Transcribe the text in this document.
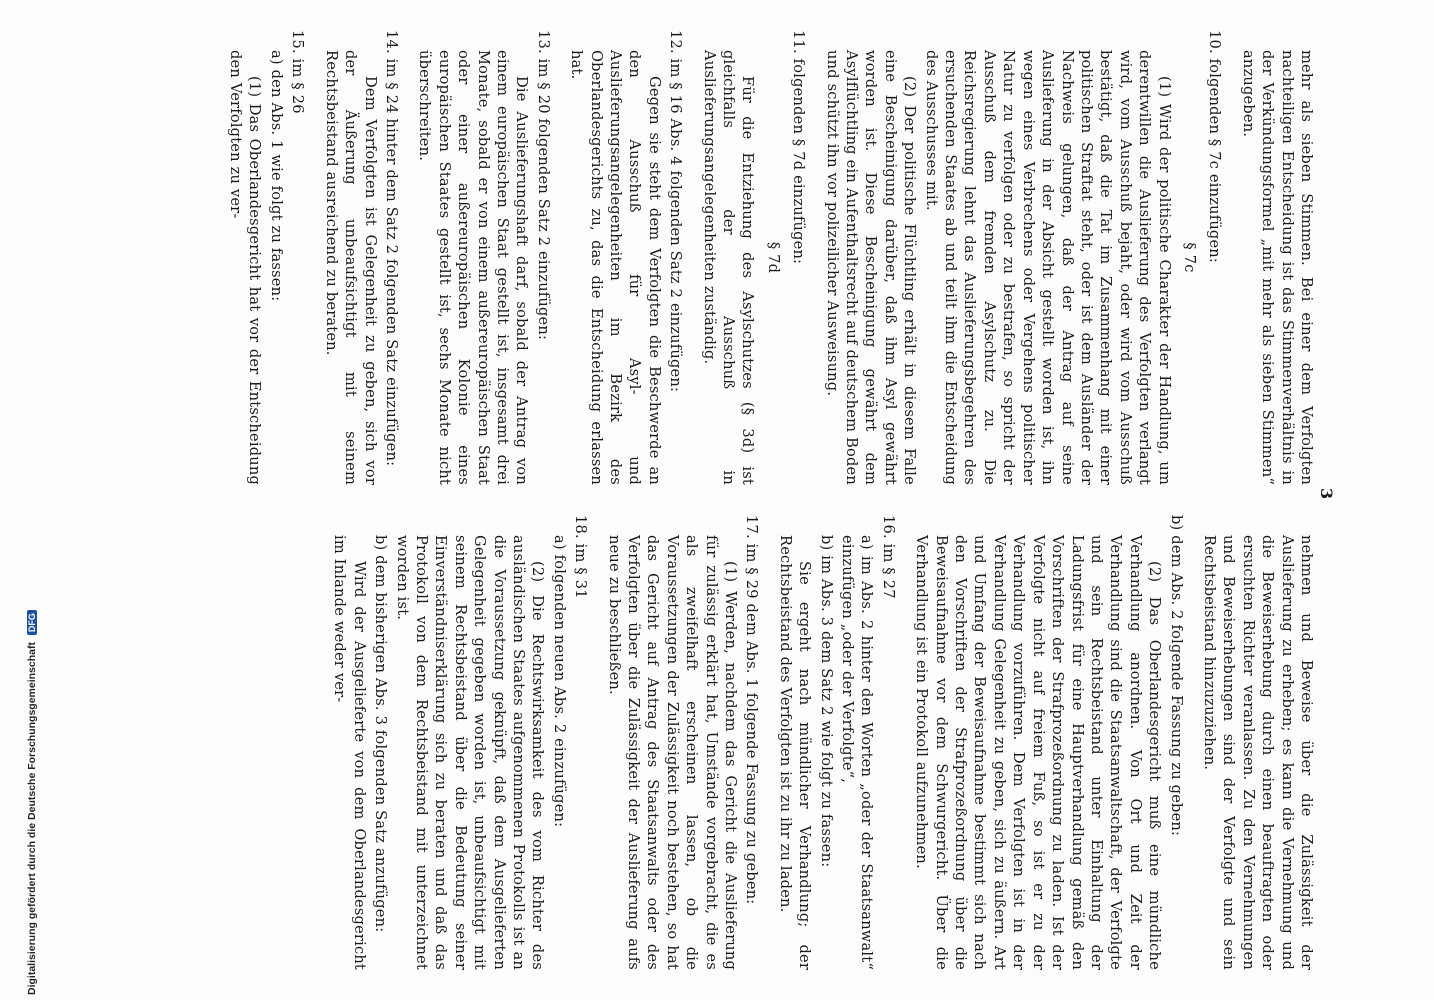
3

mehr als sieben Stimmen. Bei einer dem Verfolgten nachteiligen Entscheidung ist das Stimmenverhältnis in der Verkündungsformel „mit mehr als sieben Stimmen“ anzugeben.

10. folgenden § 7c einzufügen:

§ 7c

(1) Wird der politische Charakter der Handlung, um derentwillen die Auslieferung des Verfolgten verlangt wird, vom Ausschuß bejaht, oder wird vom Ausschuß bestätigt, daß die Tat im Zusammenhang mit einer politischen Straftat steht, oder ist dem Ausländer der Nachweis gelungen, daß der Antrag auf seine Auslieferung in der Absicht gestellt worden ist, ihn wegen eines Verbrechens oder Vergehens politischer Natur zu verfolgen oder zu bestrafen, so spricht der Ausschuß dem fremden Asylschutz zu. Die Reichsregierung lehnt das Auslieferungsbegehren des ersuchenden Staates ab und teilt ihm die Entscheidung des Ausschusses mit.

(2) Der politische Flüchtling erhält in diesem Falle eine Bescheinigung darüber, daß ihm Asyl gewährt worden ist. Diese Bescheinigung gewährt dem Asylflüchtling ein Aufenthaltsrecht auf deutschem Boden und schützt ihn vor polizeilicher Ausweisung.

11. folgenden § 7d einzufügen:

§ 7d

Für die Entziehung des Asylschutzes (§ 3d) ist gleichfalls der Ausschuß in Auslieferungsangelegenheiten zuständig.

12. im § 16 Abs. 4 folgenden Satz 2 einzufügen:

Gegen sie steht dem Verfolgten die Beschwerde an den Ausschuß für Asyl- und Auslieferungsangelegenheiten im Bezirk des Oberlandesgerichts zu, das die Entscheidung erlassen hat.

13. im § 20 folgenden Satz 2 einzufügen:

Die Auslieferungshaft darf, sobald der Antrag von einem europäischen Staat gestellt ist, insgesamt drei Monate, sobald er von einem außereuropäischen Staat oder einer außereuropäischen Kolonie eines europäischen Staates gestellt ist, sechs Monate nicht überschreiten.

14. im § 24 hinter dem Satz 2 folgenden Satz einzufügen:

Dem Verfolgten ist Gelegenheit zu geben, sich vor der Äußerung unbeaufsichtigt mit seinem Rechtsbeistand ausreichend zu beraten.

15. im § 26

a) den Abs. 1 wie folgt zu fassen:

(1) Das Oberlandesgericht hat vor der Entscheidung den Verfolgten zu ver-

nehmen und Beweise über die Zulässigkeit der Auslieferung zu erheben; es kann die Vernehmung und die Beweiserhebung durch einen beauftragten oder ersuchten Richter veranlassen. Zu den Vernehmungen und Beweiserhebungen sind der Verfolgte und sein Rechtsbeistand hinzuzuziehen.

b) dem Abs. 2 folgende Fassung zu geben:

(2) Das Oberlandesgericht muß eine mündliche Verhandlung anordnen. Von Ort und Zeit der Verhandlung sind die Staatsanwaltschaft, der Verfolgte und sein Rechtsbeistand unter Einhaltung der Ladungsfrist für eine Hauptverhandlung gemäß den Vorschriften der Strafprozeßordnung zu laden. Ist der Verfolgte nicht auf freiem Fuß, so ist er zu der Verhandlung vorzuführen. Dem Verfolgten ist in der Verhandlung Gelegenheit zu geben, sich zu äußern. Art und Umfang der Beweisaufnahme bestimmt sich nach den Vorschriften der Strafprozeßordnung über die Beweisaufnahme vor dem Schwurgericht. Über die Verhandlung ist ein Protokoll aufzunehmen.

16. im § 27

a) im Abs. 2 hinter den Worten „oder der Staatsanwalt“ einzufügen „oder der Verfolgte“,

b) im Abs. 3 dem Satz 2 wie folgt zu fassen:

Sie ergeht nach mündlicher Verhandlung; der Rechtsbeistand des Verfolgten ist zu ihr zu laden.

17. im § 29 dem Abs. 1 folgende Fassung zu geben:

(1) Werden, nachdem das Gericht die Auslieferung für zulässig erklärt hat, Umstände vorgebracht, die es als zweifelhaft erscheinen lassen, ob die Voraussetzungen der Zulässigkeit noch bestehen, so hat das Gericht auf Antrag des Staatsanwalts oder des Verfolgten über die Zulässigkeit der Auslieferung aufs neue zu beschließen.

18. im § 31

a) folgenden neuen Abs. 2 einzufügen:

(2) Die Rechtswirksamkeit des vom Richter des ausländischen Staates aufgenommenen Protokolls ist an die Voraussetzung geknüpft, daß dem Ausgelieferten Gelegenheit gegeben worden ist, unbeaufsichtigt mit seinem Rechtsbeistand über die Bedeutung seiner Einverständniserklärung sich zu beraten und daß das Protokoll von dem Rechtsbeistand mit unterzeichnet worden ist.

b) dem bisherigen Abs. 3 folgenden Satz anzufügen:

Wird der Ausgelieferte von dem Oberlandesgericht im Inlande weder ver-

Digitalisierung gefördert durch die Deutsche Forschungsgemeinschaft DFG
